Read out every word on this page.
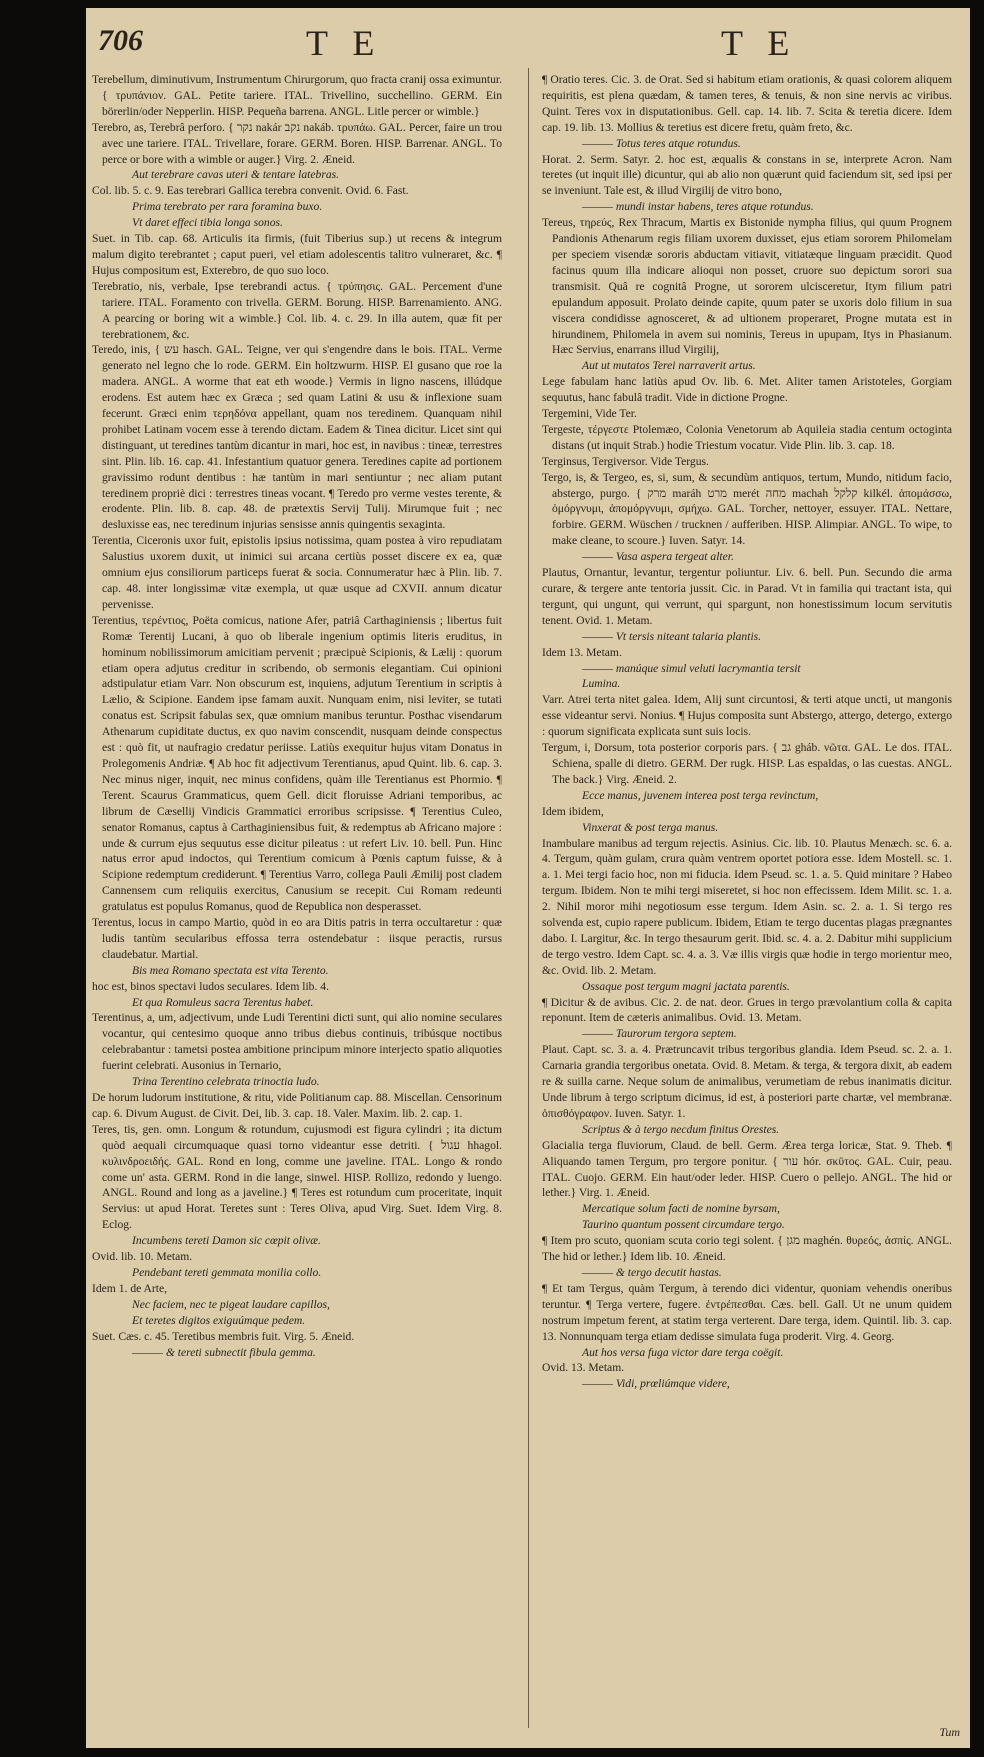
706	T E	T E

Terebellum, diminutivum, Instrumentum Chirurgorum, quo fracta cranij ossa eximuntur. { τρυπάνιον. GAL. Petite tariere. ITAL. Trivellino, succhellino. GERM. Ein börerlin/oder Nepperlin. HISP. Pequeña barrena. ANGL. Litle percer or wimble.}

Terebro, as, Terebrâ perforo. { נקר nakár נקב nakáb. τρυπάω. GAL. Percer, faire un trou avec une tariere. ITAL. Trivellare, forare. GERM. Boren. HISP. Barrenar. ANGL. To perce or bore with a wimble or auger.} Virg. 2. Æneid.

Aut terebrare cavas uteri & tentare latebras.

Col. lib. 5. c. 9. Eas terebrari Gallica terebra convenit. Ovid. 6. Fast.

Prima terebrato per rara foramina buxo.

Vt daret effeci tibia longa sonos.

Suet. in Tib. cap. 68. Articulis ita firmis, (fuit Tiberius sup.) ut recens & integrum malum digito terebrantet ; caput pueri, vel etiam adolescentis talitro vulneraret, &c. ¶ Hujus compositum est, Exterebro, de quo suo loco.

Terebratio, nis, verbale, Ipse terebrandi actus. { τρύπησις. GAL. Percement d'une tariere. ITAL. Foramento con trivella. GERM. Borung. HISP. Barrenamiento. ANG. A pearcing or boring wit a wimble.} Col. lib. 4. c. 29. In illa autem, quæ fit per terebrationem, &c.

Teredo, inis, { עש hasch. GAL. Teigne, ver qui s'engendre dans le bois. ITAL. Verme generato nel legno che lo rode. GERM. Ein holtzwurm. HISP. El gusano que roe la madera. ANGL. A worme that eat eth woode.} Vermis in ligno nascens, illúdque erodens. Est autem hæc ex Græca ; sed quam Latini & usu & inflexione suam fecerunt. Græci enim τερηδόνα appellant, quam nos teredinem. Quanquam nihil prohibet Latinam vocem esse à terendo dictam. Eadem & Tinea dicitur. Licet sint qui distinguant, ut teredines tantùm dicantur in mari, hoc est, in navibus : tineæ, terrestres sint. Plin. lib. 16. cap. 41. Infestantium quatuor genera. Teredines capite ad portionem gravissimo rodunt dentibus : hæ tantùm in mari sentiuntur ; nec aliam putant teredinem propriè dici : terrestres tineas vocant. ¶ Teredo pro verme vestes terente, & erodente. Plin. lib. 8. cap. 48. de prætextis Servij Tulij. Mirumque fuit ; nec desluxisse eas, nec teredinum injurias sensisse annis quingentis sexaginta.

Terentia, Ciceronis uxor fuit, epistolis ipsius notissima, quam postea à viro repudiatam Salustius uxorem duxit, ut inimici sui arcana certiùs posset discere ex ea, quæ omnium ejus consiliorum particeps fuerat & socia. Connumeratur hæc à Plin. lib. 7. cap. 48. inter longissimæ vitæ exempla, ut quæ usque ad CXVII. annum dicatur pervenisse.

Terentius, τερέντιος, Poëta comicus, natione Afer, patriâ Carthaginiensis ; libertus fuit Romæ Terentij Lucani, à quo ob liberale ingenium optimis literis eruditus, in hominum nobilissimorum amicitiam pervenit ; præcipuè Scipionis, & Lælij : quorum etiam opera adjutus creditur in scribendo, ob sermonis elegantiam. Cui opinioni adstipulatur etiam Varr. Non obscurum est, inquiens, adjutum Terentium in scriptis à Lælio, & Scipione. Eandem ipse famam auxit. Nunquam enim, nisi leviter, se tutati conatus est. Scripsit fabulas sex, quæ omnium manibus teruntur. Posthac visendarum Athenarum cupiditate ductus, ex quo navim conscendit, nusquam deinde conspectus est : quò fit, ut naufragio credatur periisse. Latiùs exequitur hujus vitam Donatus in Prolegomenis Andriæ. ¶ Ab hoc fit adjectivum Terentianus, apud Quint. lib. 6. cap. 3. Nec minus niger, inquit, nec minus confidens, quàm ille Terentianus est Phormio. ¶ Terent. Scaurus Grammaticus, quem Gell. dicit floruisse Adriani temporibus, ac librum de Cæsellij Vindicis Grammatici erroribus scripsisse. ¶ Terentius Culeo, senator Romanus, captus à Carthaginiensibus fuit, & redemptus ab Africano majore : unde & currum ejus sequutus esse dicitur pileatus : ut refert Liv. 10. bell. Pun. Hinc natus error apud indoctos, qui Terentium comicum à Pœnis captum fuisse, & à Scipione redemptum crediderunt. ¶ Terentius Varro, collega Pauli Æmilij post cladem Cannensem cum reliquiis exercitus, Canusium se recepit. Cui Romam redeunti gratulatus est populus Romanus, quod de Republica non desperasset.

Terentus, locus in campo Martio, quòd in eo ara Ditis patris in terra occultaretur : quæ ludis tantùm secularibus effossa terra ostendebatur : iisque peractis, rursus claudebatur. Martial.

Bis mea Romano spectata est vita Terento.

hoc est, binos spectavi ludos seculares. Idem lib. 4.

Et qua Romuleus sacra Terentus habet.

Terentinus, a, um, adjectivum, unde Ludi Terentini dicti sunt, qui alio nomine seculares vocantur, qui centesimo quoque anno tribus diebus continuis, tribúsque noctibus celebrabantur : tametsi postea ambitione principum minore interjecto spatio aliquoties fuerint celebrati. Ausonius in Ternario,

Trina Terentino celebrata trinoctia ludo.

De horum ludorum institutione, & ritu, vide Politianum cap. 88. Miscellan. Censorinum cap. 6. Divum August. de Civit. Dei, lib. 3. cap. 18. Valer. Maxim. lib. 2. cap. 1.

Teres, tis, gen. omn. Longum & rotundum, cujusmodi est figura cylindri ; ita dictum quòd aequali circumquaque quasi torno videantur esse detriti. { עגול hhagol. κυλινδροειδής. GAL. Rond en long, comme une javeline. ITAL. Longo & rondo come un' asta. GERM. Rond in die lange, sinwel. HISP. Rollizo, redondo y luengo. ANGL. Round and long as a javeline.} ¶ Teres est rotundum cum proceritate, inquit Servius: ut apud Horat. Teretes sunt : Teres Oliva, apud Virg. Suet. Idem Virg. 8. Eclog.

Incumbens tereti Damon sic cœpit olivæ.

Ovid. lib. 10. Metam.

Pendebant tereti gemmata monilia collo.

Idem 1. de Arte,

Nec faciem, nec te pigeat laudare capillos,

Et teretes digitos exiguúmque pedem.

Suet. Cæs. c. 45. Teretibus membris fuit. Virg. 5. Æneid.

——— & tereti subnectit fibula gemma.

¶ Oratio teres. Cic. 3. de Orat. Sed si habitum etiam orationis, & quasi colorem aliquem requiritis, est plena quædam, & tamen teres, & tenuis, & non sine nervis ac viribus. Quint. Teres vox in disputationibus. Gell. cap. 14. lib. 7. Scita & teretia dicere. Idem cap. 19. lib. 13. Mollius & teretius est dicere fretu, quàm freto, &c.

——— Totus teres atque rotundus.

Horat. 2. Serm. Satyr. 2. hoc est, æqualis & constans in se, interprete Acron. Nam teretes (ut inquit ille) dicuntur, qui ab alio non quærunt quid faciendum sit, sed ipsi per se inveniunt. Tale est, & illud Virgilij de vitro bono,

——— mundi instar habens, teres atque rotundus.

Tereus, τηρεύς, Rex Thracum, Martis ex Bistonide nympha filius, qui quum Prognem Pandionis Athenarum regis filiam uxorem duxisset, ejus etiam sororem Philomelam per speciem visendæ sororis abductam vitiavit, vitiatæque linguam præcidit. Quod facinus quum illa indicare alioqui non posset, cruore suo depictum sorori sua transmisit. Quâ re cognitâ Progne, ut sororem ulcisceretur, Itym filium patri epulandum apposuit. Prolato deinde capite, quum pater se uxoris dolo filium in sua viscera condidisse agnosceret, & ad ultionem properaret, Progne mutata est in hirundinem, Philomela in avem sui nominis, Tereus in upupam, Itys in Phasianum. Hæc Servius, enarrans illud Virgilij,

Aut ut mutatos Terei narraverit artus.

Lege fabulam hanc latiùs apud Ov. lib. 6. Met. Aliter tamen Aristoteles, Gorgiam sequutus, hanc fabulâ tradit. Vide in dictione Progne.

Tergemini, Vide Ter.

Tergeste, τέργεστε Ptolemæo, Colonia Venetorum ab Aquileia stadia centum octoginta distans (ut inquit Strab.) hodie Triestum vocatur. Vide Plin. lib. 3. cap. 18.

Terginsus, Tergiversor. Vide Tergus.

Tergo, is, & Tergeo, es, si, sum, & secundùm antiquos, tertum, Mundo, nitidum facio, abstergo, purgo. { מרק maráh מרט merét מחה machah קלקל kilkél. ἀπομάσσω, ὀμόργνυμι, ἀπομόργνυμι, σμήχω. GAL. Torcher, nettoyer, essuyer. ITAL. Nettare, forbire. GERM. Wüschen / trucknen / aufferiben. HISP. Alimpiar. ANGL. To wipe, to make cleane, to scoure.} Iuven. Satyr. 14.

——— Vasa aspera tergeat alter.

Plautus, Ornantur, levantur, tergentur poliuntur. Liv. 6. bell. Pun. Secundo die arma curare, & tergere ante tentoria jussit. Cic. in Parad. Vt in familia qui tractant ista, qui tergunt, qui ungunt, qui verrunt, qui spargunt, non honestissimum locum servitutis tenent. Ovid. 1. Metam.

——— Vt tersis niteant talaria plantis.

Idem 13. Metam.

——— manúque simul veluti lacrymantia tersit

Lumina.

Varr. Atrei terta nitet galea. Idem, Alij sunt circuntosi, & terti atque uncti, ut mangonis esse videantur servi. Nonius. ¶ Hujus composita sunt Abstergo, attergo, detergo, extergo : quorum significata explicata sunt suis locis.

Tergum, i, Dorsum, tota posterior corporis pars. { גב gháb. νῶτα. GAL. Le dos. ITAL. Schiena, spalle di dietro. GERM. Der rugk. HISP. Las espaldas, o las cuestas. ANGL. The back.} Virg. Æneid. 2.

Ecce manus, juvenem interea post terga revinctum,

Idem ibidem,

Vinxerat & post terga manus.

Inambulare manibus ad tergum rejectis. Asinius. Cic. lib. 10. Plautus Menæch. sc. 6. a. 4. Tergum, quàm gulam, crura quàm ventrem oportet potiora esse. Idem Mostell. sc. 1. a. 1. Mei tergi facio hoc, non mi fiducia. Idem Pseud. sc. 1. a. 5. Quid minitare ? Habeo tergum. Ibidem. Non te mihi tergi miseretet, si hoc non effecissem. Idem Milit. sc. 1. a. 2. Nihil moror mihi negotiosum esse tergum. Idem Asin. sc. 2. a. 1. Si tergo res solvenda est, cupio rapere publicum. Ibidem, Etiam te tergo ducentas plagas prægnantes dabo. I. Largitur, &c. In tergo thesaurum gerit. Ibid. sc. 4. a. 2. Dabitur mihi supplicium de tergo vestro. Idem Capt. sc. 4. a. 3. Væ illis virgis quæ hodie in tergo morientur meo, &c. Ovid. lib. 2. Metam.

Ossaque post tergum magni jactata parentis.

¶ Dicitur & de avibus. Cic. 2. de nat. deor. Grues in tergo prævolantium colla & capita reponunt. Item de cæteris animalibus. Ovid. 13. Metam.

——— Taurorum tergora septem.

Plaut. Capt. sc. 3. a. 4. Prætruncavit tribus tergoribus glandia. Idem Pseud. sc. 2. a. 1. Carnaria grandia tergoribus onetata. Ovid. 8. Metam. & terga, & tergora dixit, ab eadem re & suilla carne. Neque solum de animalibus, verumetiam de rebus inanimatis dicitur. Unde librum à tergo scriptum dicimus, id est, à posteriori parte chartæ, vel membranæ. ὀπισθόγραφον. Iuven. Satyr. 1.

Scriptus & à tergo necdum finitus Orestes.

Glacialia terga fluviorum, Claud. de bell. Germ. Ærea terga loricæ, Stat. 9. Theb. ¶ Aliquando tamen Tergum, pro tergore ponitur. { עור hór. σκῦτος. GAL. Cuir, peau. ITAL. Cuojo. GERM. Ein haut/oder leder. HISP. Cuero o pellejo. ANGL. The hid or lether.} Virg. 1. Æneid.

Mercatique solum facti de nomine byrsam,

Taurino quantum possent circumdare tergo.

¶ Item pro scuto, quoniam scuta corio tegi solent. { מגן maghén. θυρεός, ἀσπίς. ANGL. The hid or lether.} Idem lib. 10. Æneid.

——— & tergo decutit hastas.

¶ Et tam Tergus, quàm Tergum, à terendo dici videntur, quoniam vehendis oneribus teruntur. ¶ Terga vertere, fugere. ἐντρέπεσθαι. Cæs. bell. Gall. Ut ne unum quidem nostrum impetum ferent, at statim terga verterent. Dare terga, idem. Quintil. lib. 3. cap. 13. Nonnunquam terga etiam dedisse simulata fuga proderit. Virg. 4. Georg.

Aut hos versa fuga victor dare terga coëgit.

Ovid. 13. Metam.

——— Vidi, prœliúmque videre,

Tum
